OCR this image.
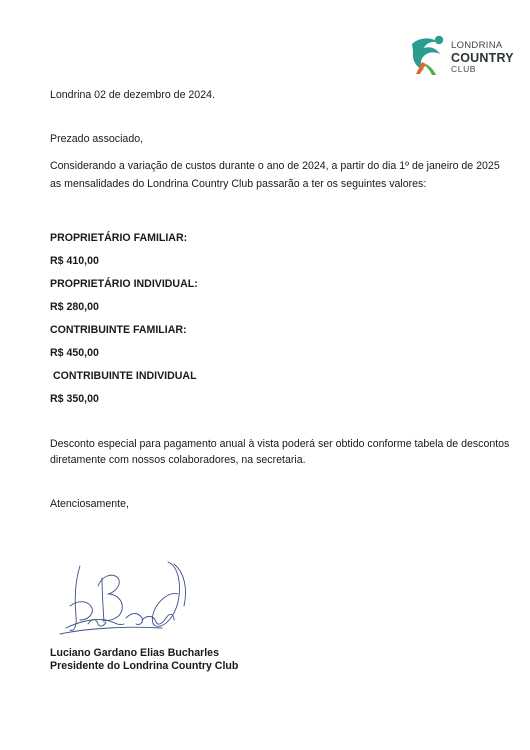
LONDRINA
COUNTRY
CLUB
Londrina 02 de dezembro de 2024.
Prezado associado,

Considerando a variação de custos durante o ano de 2024, a partir do dia 1º de janeiro de 2025

as mensalidades do Londrina Country Club passarão a ter os seguintes valores:

PROPRIETÁRIO FAMILIAR:
R$ 410,00
PROPRIETÁRIO INDIVIDUAL:
R$ 280,00
CONTRIBUINTE FAMILIAR:
R$ 450,00
CONTRIBUINTE INDIVIDUAL
R$ 350,00

Desconto especial para pagamento anual à vista poderá ser obtido conforme tabela de descontos

diretamente com nossos colaboradores, na secretaria.

Atenciosamente,
Luciano Gardano Elias Bucharles
Presidente do Londrina Country Club
